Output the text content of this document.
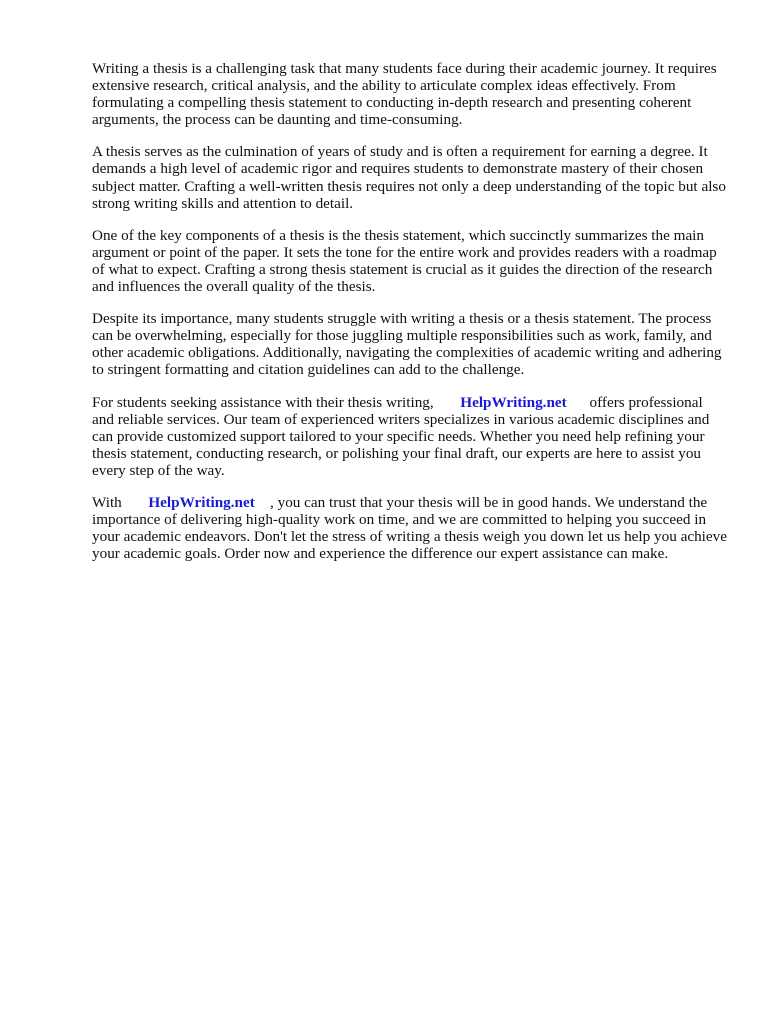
Writing a thesis is a challenging task that many students face during their academic journey. It requires extensive research, critical analysis, and the ability to articulate complex ideas effectively. From formulating a compelling thesis statement to conducting in-depth research and presenting coherent arguments, the process can be daunting and time-consuming.

A thesis serves as the culmination of years of study and is often a requirement for earning a degree. It demands a high level of academic rigor and requires students to demonstrate mastery of their chosen subject matter. Crafting a well-written thesis requires not only a deep understanding of the topic but also strong writing skills and attention to detail.

One of the key components of a thesis is the thesis statement, which succinctly summarizes the main argument or point of the paper. It sets the tone for the entire work and provides readers with a roadmap of what to expect. Crafting a strong thesis statement is crucial as it guides the direction of the research and influences the overall quality of the thesis.

Despite its importance, many students struggle with writing a thesis or a thesis statement. The process can be overwhelming, especially for those juggling multiple responsibilities such as work, family, and other academic obligations. Additionally, navigating the complexities of academic writing and adhering to stringent formatting and citation guidelines can add to the challenge.

For students seeking assistance with their thesis writing, HelpWriting.net offers professional and reliable services. Our team of experienced writers specializes in various academic disciplines and can provide customized support tailored to your specific needs. Whether you need help refining your thesis statement, conducting research, or polishing your final draft, our experts are here to assist you every step of the way.

With HelpWriting.net , you can trust that your thesis will be in good hands. We understand the importance of delivering high-quality work on time, and we are committed to helping you succeed in your academic endeavors. Don't let the stress of writing a thesis weigh you down let us help you achieve your academic goals. Order now and experience the difference our expert assistance can make.
